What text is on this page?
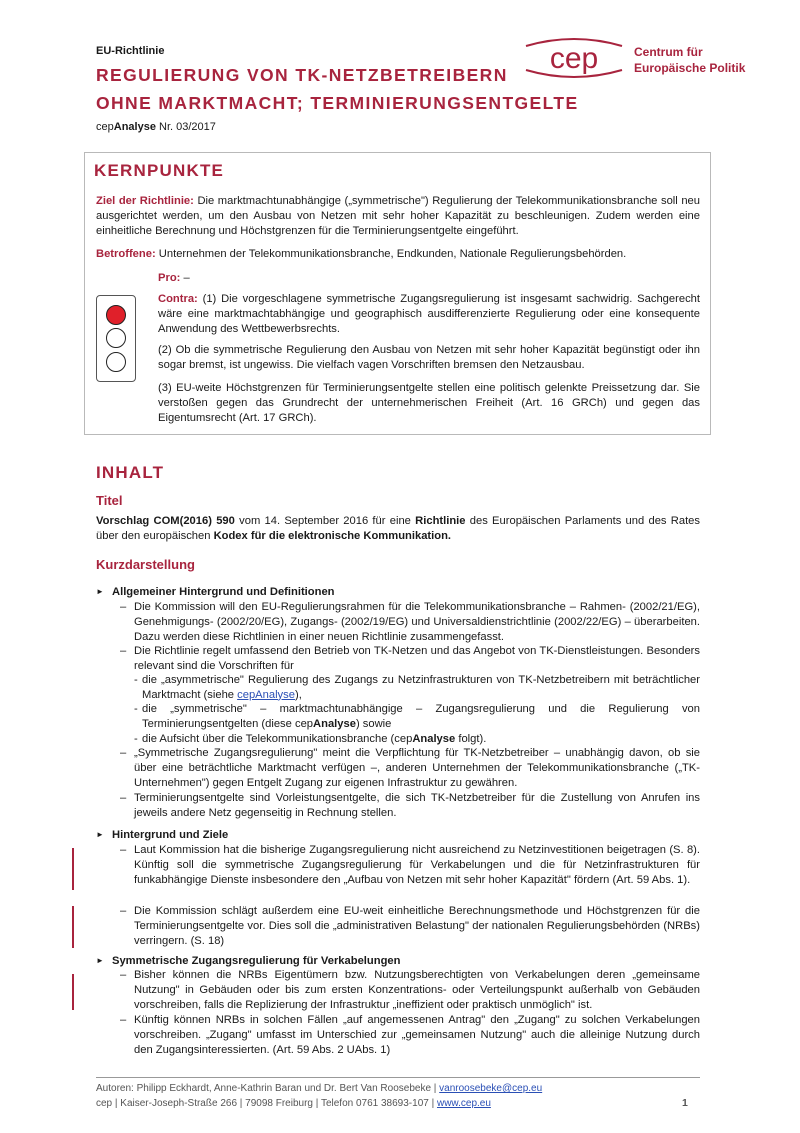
EU-Richtlinie
REGULIERUNG VON TK-NETZBETREIBERN
OHNE MARKTMACHT; TERMINIERUNGSENTGELTE
cepAnalyse Nr. 03/2017
cep	Centrum für
Europäische Politik
KERNPUNKTE
Ziel der Richtlinie: Die marktmachtunabhängige („symmetrische") Regulierung der Telekommunikationsbranche soll neu ausgerichtet werden, um den Ausbau von Netzen mit sehr hoher Kapazität zu beschleunigen. Zudem werden eine einheitliche Berechnung und Höchstgrenzen für die Terminierungsentgelte eingeführt.
Betroffene: Unternehmen der Telekommunikationsbranche, Endkunden, Nationale Regulierungsbehörden.
Pro: –
Contra: (1) Die vorgeschlagene symmetrische Zugangsregulierung ist insgesamt sachwidrig. Sachgerecht wäre eine marktmachtabhängige und geographisch ausdifferenzierte Regulierung oder eine konsequente Anwendung des Wettbewerbsrechts.
(2) Ob die symmetrische Regulierung den Ausbau von Netzen mit sehr hoher Kapazität begünstigt oder ihn sogar bremst, ist ungewiss. Die vielfach vagen Vorschriften bremsen den Netzausbau.
(3) EU-weite Höchstgrenzen für Terminierungsentgelte stellen eine politisch gelenkte Preissetzung dar. Sie verstoßen gegen das Grundrecht der unternehmerischen Freiheit (Art. 16 GRCh) und gegen das Eigentumsrecht (Art. 17 GRCh).
INHALT
Titel
Vorschlag COM(2016) 590 vom 14. September 2016 für eine Richtlinie des Europäischen Parlaments und des Rates über den europäischen Kodex für die elektronische Kommunikation.
Kurzdarstellung
► Allgemeiner Hintergrund und Definitionen
– Die Kommission will den EU-Regulierungsrahmen für die Telekommunikationsbranche – Rahmen- (2002/21/EG), Genehmigungs- (2002/20/EG), Zugangs- (2002/19/EG) und Universaldienstrichtlinie (2002/22/EG) – überarbeiten. Dazu werden diese Richtlinien in einer neuen Richtlinie zusammengefasst.
– Die Richtlinie regelt umfassend den Betrieb von TK-Netzen und das Angebot von TK-Dienstleistungen. Besonders relevant sind die Vorschriften für
- die „asymmetrische" Regulierung des Zugangs zu Netzinfrastrukturen von TK-Netzbetreibern mit beträchtlicher Marktmacht (siehe cepAnalyse),
- die „symmetrische" – marktmachtunabhängige – Zugangsregulierung und die Regulierung von Terminierungsentgelten (diese cepAnalyse) sowie
- die Aufsicht über die Telekommunikationsbranche (cepAnalyse folgt).
– „Symmetrische Zugangsregulierung" meint die Verpflichtung für TK-Netzbetreiber – unabhängig davon, ob sie über eine beträchtliche Marktmacht verfügen –, anderen Unternehmen der Telekommunikationsbranche („TK-Unternehmen") gegen Entgelt Zugang zur eigenen Infrastruktur zu gewähren.
– Terminierungsentgelte sind Vorleistungsentgelte, die sich TK-Netzbetreiber für die Zustellung von Anrufen ins jeweils andere Netz gegenseitig in Rechnung stellen.
► Hintergrund und Ziele
– Laut Kommission hat die bisherige Zugangsregulierung nicht ausreichend zu Netzinvestitionen beigetragen (S. 8). Künftig soll die symmetrische Zugangsregulierung für Verkabelungen und die für Netzinfrastrukturen für funkabhängige Dienste insbesondere den „Aufbau von Netzen mit sehr hoher Kapazität" fördern (Art. 59 Abs. 1).
– Die Kommission schlägt außerdem eine EU-weit einheitliche Berechnungsmethode und Höchstgrenzen für die Terminierungsentgelte vor. Dies soll die „administrativen Belastung" der nationalen Regulierungsbehörden (NRBs) verringern. (S. 18)
► Symmetrische Zugangsregulierung für Verkabelungen
– Bisher können die NRBs Eigentümern bzw. Nutzungsberechtigten von Verkabelungen deren „gemeinsame Nutzung" in Gebäuden oder bis zum ersten Konzentrations- oder Verteilungspunkt außerhalb von Gebäuden vorschreiben, falls die Replizierung der Infrastruktur „ineffizient oder praktisch unmöglich" ist.
– Künftig können NRBs in solchen Fällen „auf angemessenen Antrag" den „Zugang" zu solchen Verkabelungen vorschreiben. „Zugang" umfasst im Unterschied zur „gemeinsamen Nutzung" auch die alleinige Nutzung durch den Zugangsinteressierten. (Art. 59 Abs. 2 UAbs. 1)
Autoren: Philipp Eckhardt, Anne-Kathrin Baran und Dr. Bert Van Roosebeke | vanroosebeke@cep.eu
cep | Kaiser-Joseph-Straße 266 | 79098 Freiburg | Telefon 0761 38693-107 | www.cep.eu	1
